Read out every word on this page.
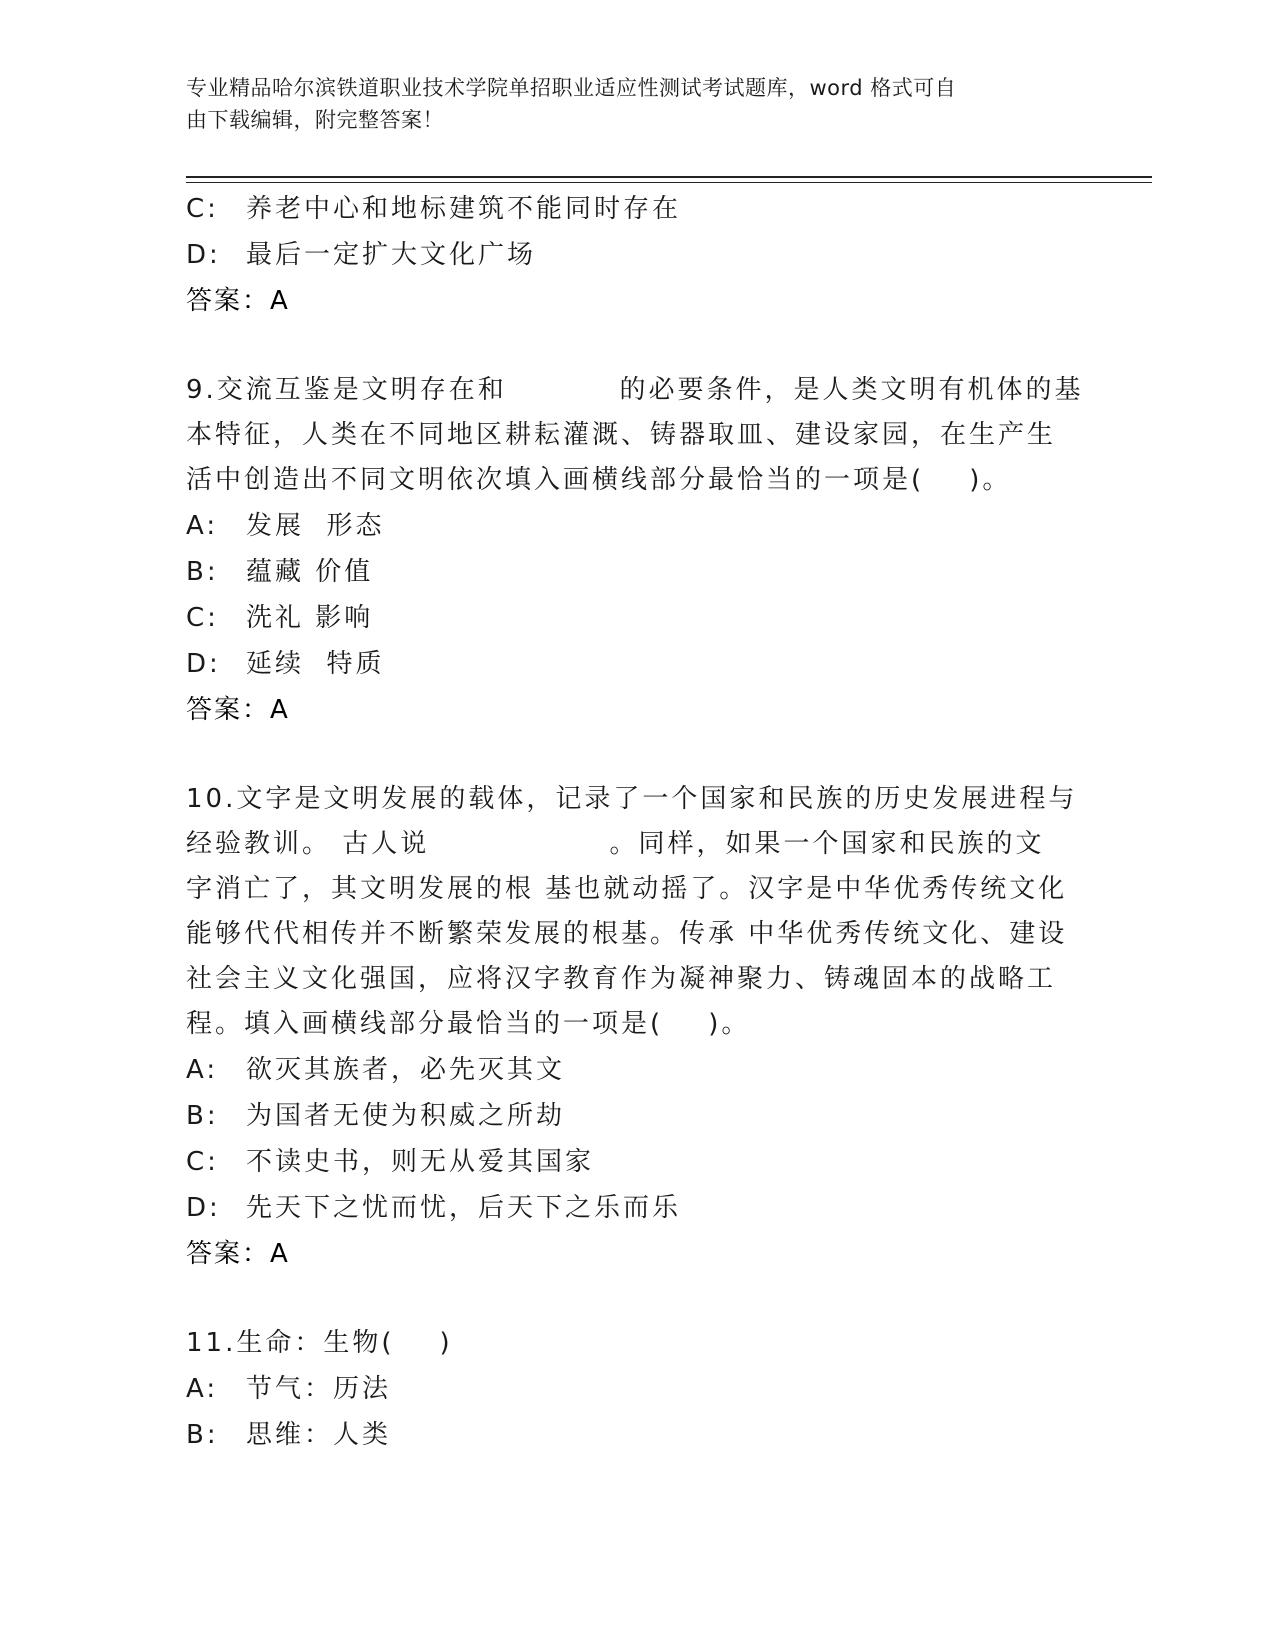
专业精品哈尔滨铁道职业技术学院单招职业适应性测试考试题库，word 格式可自
由下载编辑，附完整答案！
C: 养老中心和地标建筑不能同时存在
D: 最后一定扩大文化广场
答案：A
9.交流互鉴是文明存在和          的必要条件，是人类文明有机体的基
本特征，人类在不同地区耕耘灌溉、铸器取皿、建设家园，在生产生
活中创造出不同文明依次填入画横线部分最恰当的一项是(    )。
A: 发展  形态
B: 蕴藏 价值
C: 洗礼 影响
D: 延续  特质
答案：A
10.文字是文明发展的载体，记录了一个国家和民族的历史发展进程与
经验教训。 古人说                。同样，如果一个国家和民族的文
字消亡了，其文明发展的根 基也就动摇了。汉字是中华优秀传统文化
能够代代相传并不断繁荣发展的根基。传承 中华优秀传统文化、建设
社会主义文化强国，应将汉字教育作为凝神聚力、铸魂固本的战略工
程。填入画横线部分最恰当的一项是(    )。
A: 欲灭其族者，必先灭其文
B: 为国者无使为积威之所劫
C: 不读史书，则无从爱其国家
D: 先天下之忧而忧，后天下之乐而乐
答案：A
11.生命：生物(    )
A: 节气：历法
B: 思维：人类
